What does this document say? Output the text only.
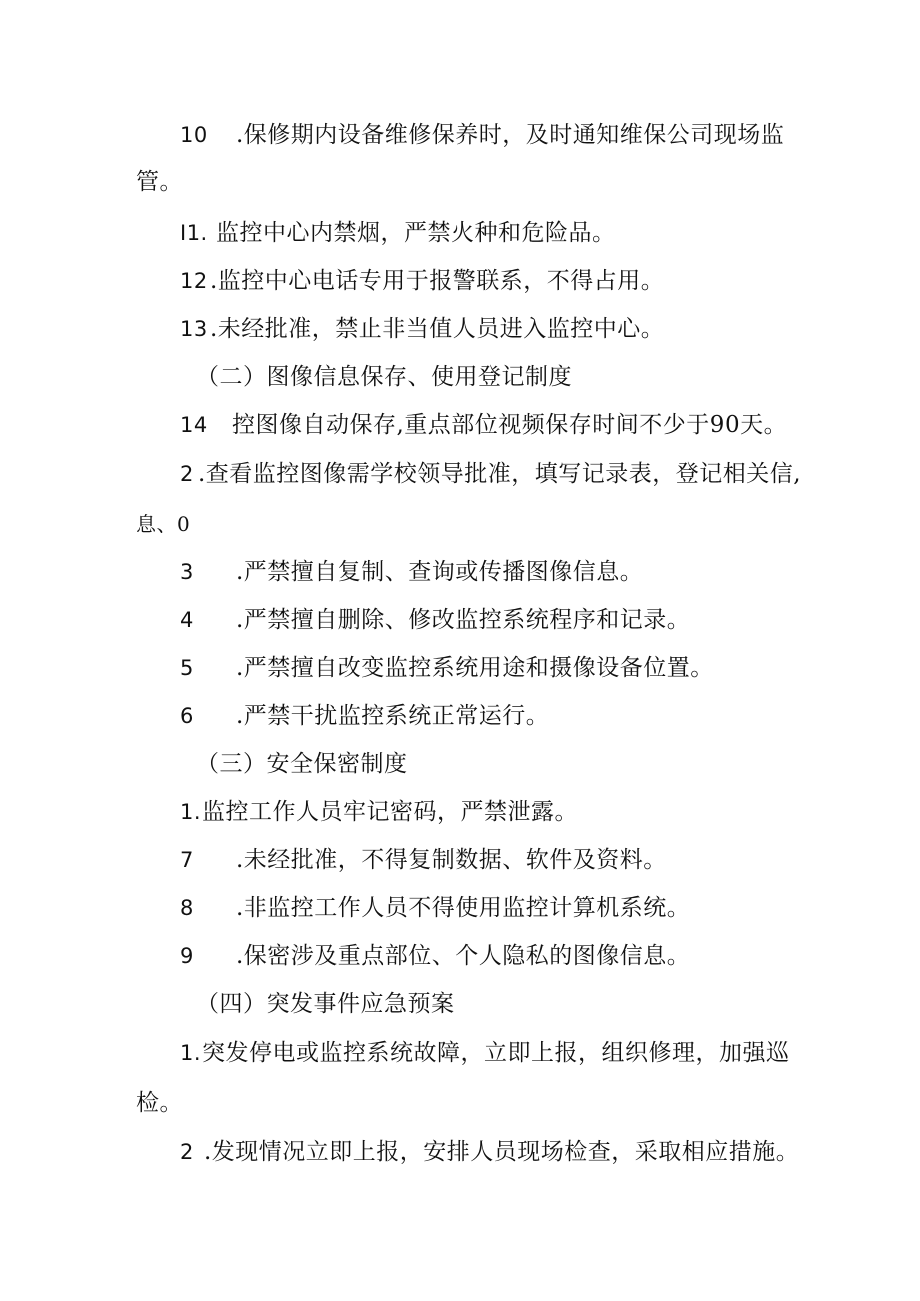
10 .保修期内设备维修保养时，及时通知维保公司现场监
管。
I1. 监控中心内禁烟，严禁火种和危险品。
12.监控中心电话专用于报警联系，不得占用。
13.未经批准，禁止非当值人员进入监控中心。
（二）图像信息保存、使用登记制度
14 控图像自动保存,重点部位视频保存时间不少于90天。
2 .查看监控图像需学校领导批准，填写记录表，登记相关信,
息、0
3 .严禁擅自复制、查询或传播图像信息。
4 .严禁擅自删除、修改监控系统程序和记录。
5 .严禁擅自改变监控系统用途和摄像设备位置。
6 .严禁干扰监控系统正常运行。
（三）安全保密制度
1.监控工作人员牢记密码，严禁泄露。
7 .未经批准，不得复制数据、软件及资料。
8 .非监控工作人员不得使用监控计算机系统。
9 .保密涉及重点部位、个人隐私的图像信息。
（四）突发事件应急预案
1.突发停电或监控系统故障，立即上报，组织修理，加强巡
检。
2 .发现情况立即上报，安排人员现场检查，采取相应措施。
